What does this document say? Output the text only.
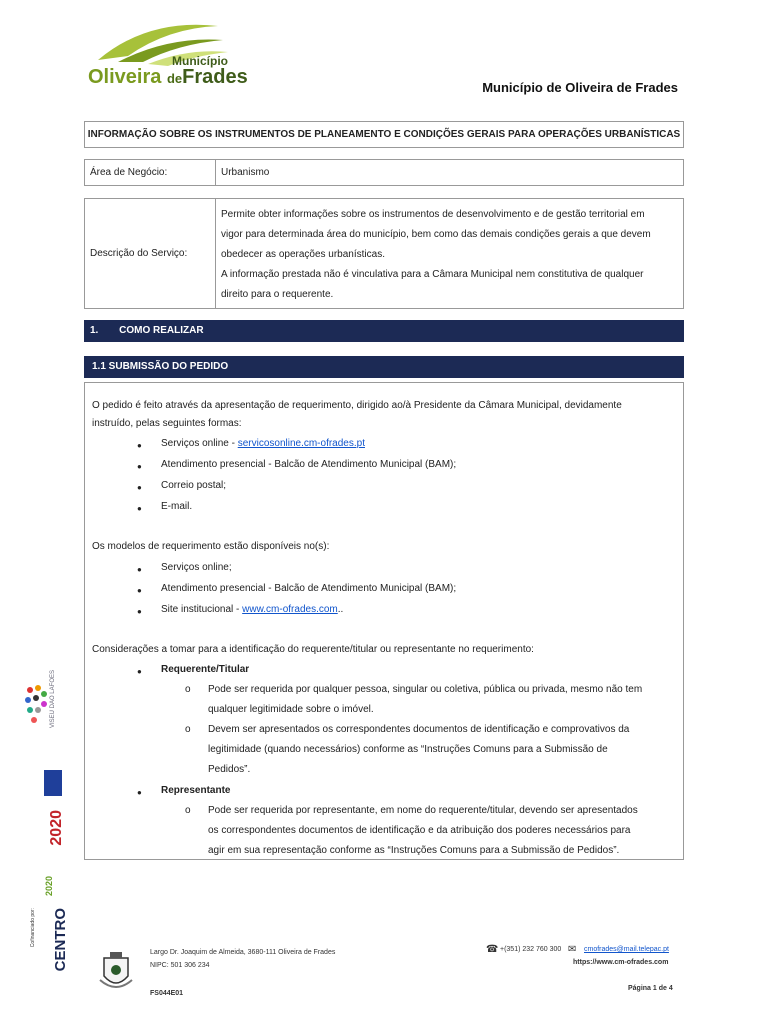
Município
Oliveira deFrades	Município de Oliveira de Frades
INFORMAÇÃO SOBRE OS INSTRUMENTOS DE PLANEAMENTO E CONDIÇÕES GERAIS PARA OPERAÇÕES URBANÍSTICAS
Área de Negócio:	Urbanismo
Descrição do Serviço:	
Permite obter informações sobre os instrumentos de desenvolvimento e de gestão territorial em
vigor para determinada área do município, bem como das demais condições gerais a que devem
obedecer as operações urbanísticas.
A informação prestada não é vinculativa para a Câmara Municipal nem constitutiva de qualquer
direito para o requerente.
1. COMO REALIZAR
1.1 SUBMISSÃO DO PEDIDO
O pedido é feito através da apresentação de requerimento, dirigido ao/à Presidente da Câmara Municipal, devidamente
instruído, pelas seguintes formas:
● Serviços online - servicosonline.cm-ofrades.pt
● Atendimento presencial - Balcão de Atendimento Municipal (BAM);
● Correio postal;
● E-mail.
Os modelos de requerimento estão disponíveis no(s):
● Serviços online;
● Atendimento presencial - Balcão de Atendimento Municipal (BAM);
● Site institucional - www.cm-ofrades.com..
Considerações a tomar para a identificação do requerente/titular ou representante no requerimento:
● Requerente/Titular
o Pode ser requerida por qualquer pessoa, singular ou coletiva, pública ou privada, mesmo não tem
qualquer legitimidade sobre o imóvel.
o Devem ser apresentados os correspondentes documentos de identificação e comprovativos da
legitimidade (quando necessários) conforme as “Instruções Comuns para a Submissão de
Pedidos”.
● Representante
o Pode ser requerida por representante, em nome do requerente/titular, devendo ser apresentados
os correspondentes documentos de identificação e da atribuição dos poderes necessários para
agir em sua representação conforme as “Instruções Comuns para a Submissão de Pedidos”.
VISEU DÃO LAFÕES
2020
2020
CENTRO
Cofinanciado por:
Largo Dr. Joaquim de Almeida, 3680-111 Oliveira de Frades
NIPC: 501 306 234
FS044E01
☎ +(351) 232 760 300 ✉ cmofrades@mail.telepac.pt
https://www.cm-ofrades.com
Página 1 de 4
